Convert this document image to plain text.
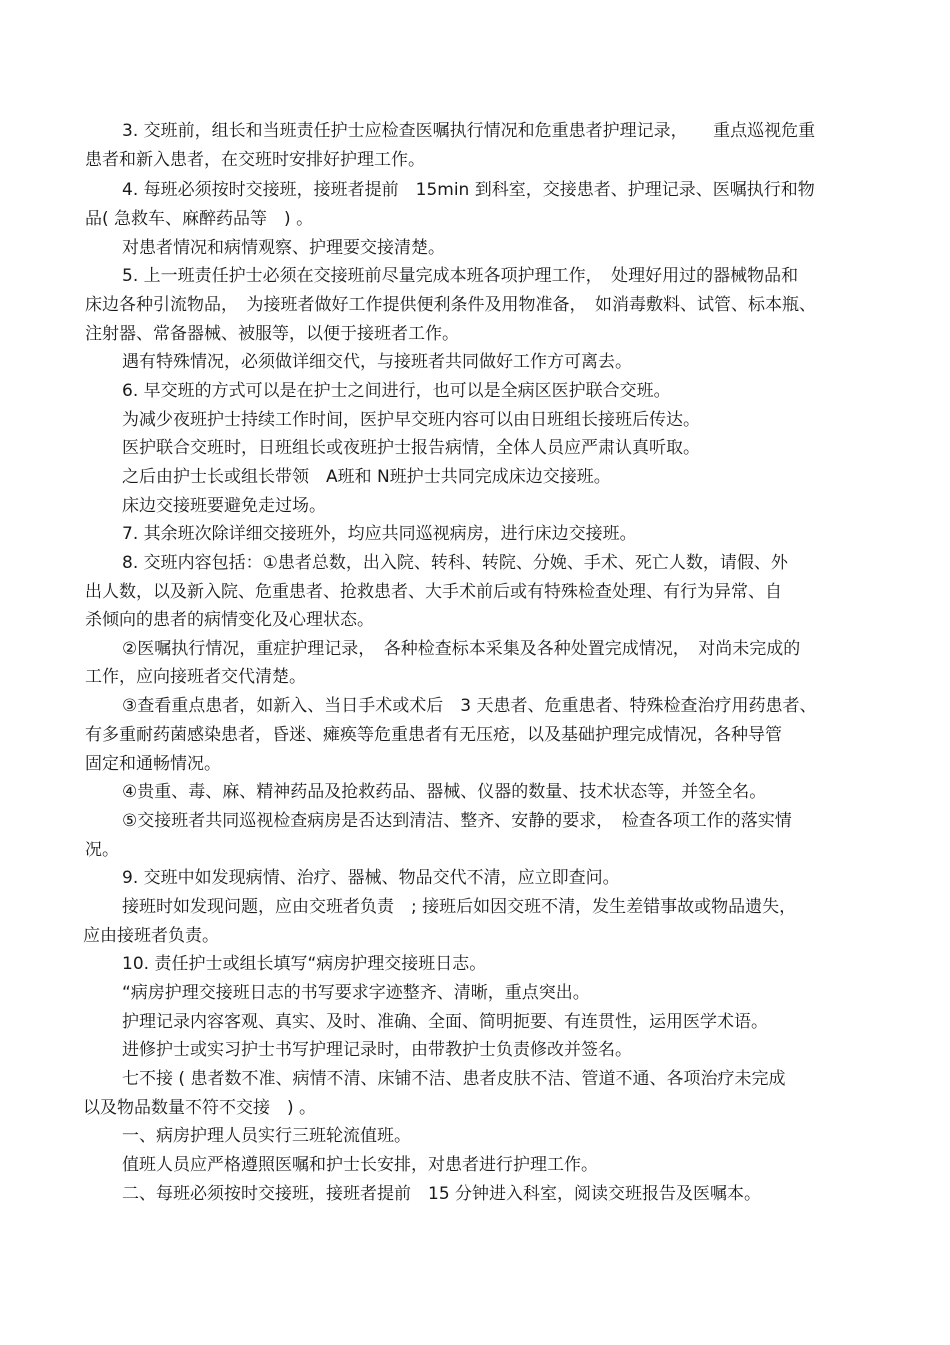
3. 交班前，组长和当班责任护士应检查医嘱执行情况和危重患者护理记录，　　重点巡视危重
患者和新入患者，在交班时安排好护理工作。
4. 每班必须按时交接班，接班者提前　15min 到科室，交接患者、护理记录、医嘱执行和物
品( 急救车、麻醉药品等　) 。
对患者情况和病情观察、护理要交接清楚。
5. 上一班责任护士必须在交接班前尽量完成本班各项护理工作，　处理好用过的器械物品和
床边各种引流物品，　为接班者做好工作提供便利条件及用物准备，　如消毒敷料、试管、标本瓶、
注射器、常备器械、被服等，以便于接班者工作。
遇有特殊情况，必须做详细交代，与接班者共同做好工作方可离去。
6. 早交班的方式可以是在护士之间进行，也可以是全病区医护联合交班。
为减少夜班护士持续工作时间，医护早交班内容可以由日班组长接班后传达。
医护联合交班时，日班组长或夜班护士报告病情，全体人员应严肃认真听取。
之后由护士长或组长带领　A班和 N班护士共同完成床边交接班。
床边交接班要避免走过场。
7. 其余班次除详细交接班外，均应共同巡视病房，进行床边交接班。
8. 交班内容包括：①患者总数，出入院、转科、转院、分娩、手术、死亡人数，请假、外
出人数，以及新入院、危重患者、抢救患者、大手术前后或有特殊检查处理、有行为异常、自
杀倾向的患者的病情变化及心理状态。
②医嘱执行情况，重症护理记录，　各种检查标本采集及各种处置完成情况，　对尚未完成的
工作，应向接班者交代清楚。
③查看重点患者，如新入、当日手术或术后　3 天患者、危重患者、特殊检查治疗用药患者、
有多重耐药菌感染患者，昏迷、瘫痪等危重患者有无压疮，以及基础护理完成情况，各种导管
固定和通畅情况。
④贵重、毒、麻、精神药品及抢救药品、器械、仪器的数量、技术状态等，并签全名。
⑤交接班者共同巡视检查病房是否达到清洁、整齐、安静的要求，　检查各项工作的落实情
况。
9. 交班中如发现病情、治疗、器械、物品交代不清，应立即查问。
接班时如发现问题，应由交班者负责　; 接班后如因交班不清，发生差错事故或物品遗失，
应由接班者负责。
10. 责任护士或组长填写“病房护理交接班日志。
“病房护理交接班日志的书写要求字迹整齐、清晰，重点突出。
护理记录内容客观、真实、及时、准确、全面、简明扼要、有连贯性，运用医学术语。
进修护士或实习护士书写护理记录时，由带教护士负责修改并签名。
七不接 ( 患者数不准、病情不清、床铺不洁、患者皮肤不洁、管道不通、各项治疗未完成
以及物品数量不符不交接　) 。
一、病房护理人员实行三班轮流值班。
值班人员应严格遵照医嘱和护士长安排，对患者进行护理工作。
二、每班必须按时交接班，接班者提前　15 分钟进入科室，阅读交班报告及医嘱本。
